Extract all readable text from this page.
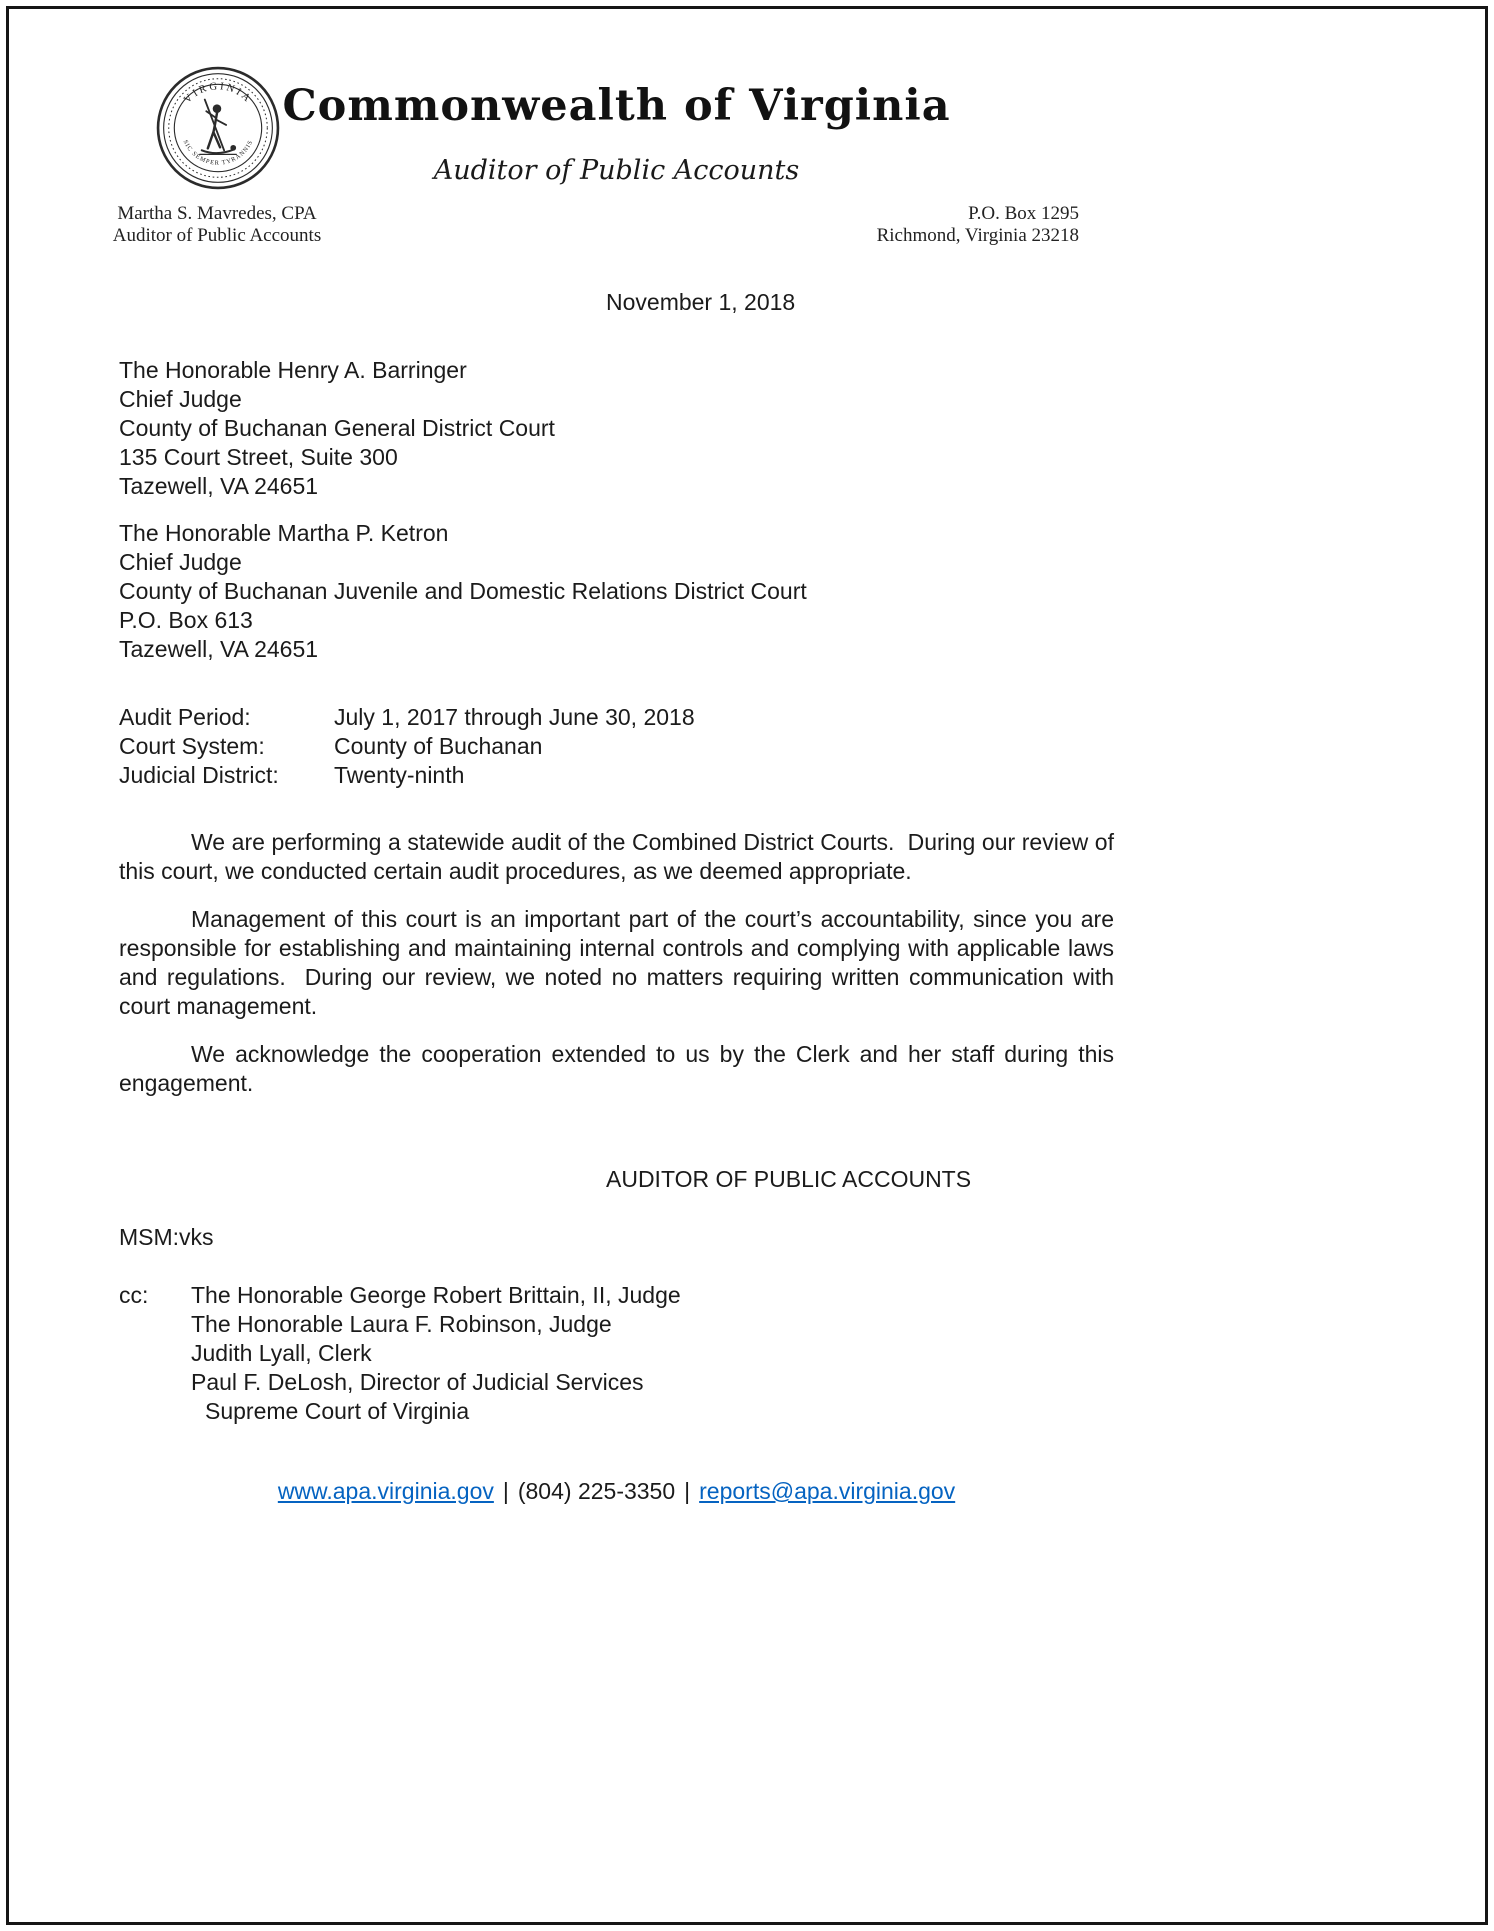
VIRGINIA
SIC SEMPER TYRANNIS
Commonwealth of Virginia
Auditor of Public Accounts
Martha S. Mavredes, CPA
Auditor of Public Accounts
P.O. Box 1295
Richmond, Virginia 23218
November 1, 2018
The Honorable Henry A. Barringer
Chief Judge
County of Buchanan General District Court
135 Court Street, Suite 300
Tazewell, VA 24651
The Honorable Martha P. Ketron
Chief Judge
County of Buchanan Juvenile and Domestic Relations District Court
P.O. Box 613
Tazewell, VA 24651
Audit Period:	July 1, 2017 through June 30, 2018
Court System:	County of Buchanan
Judicial District:	Twenty-ninth

We are performing a statewide audit of the Combined District Courts.  During our review of this court, we conducted certain audit procedures, as we deemed appropriate.

Management of this court is an important part of the court’s accountability, since you are responsible for establishing and maintaining internal controls and complying with applicable laws and regulations.  During our review, we noted no matters requiring written communication with court management.

We acknowledge the cooperation extended to us by the Clerk and her staff during this engagement.

AUDITOR OF PUBLIC ACCOUNTS
MSM:vks
cc:	The Honorable George Robert Brittain, II, Judge
The Honorable Laura F. Robinson, Judge
Judith Lyall, Clerk
Paul F. DeLosh, Director of Judicial Services
Supreme Court of Virginia
www.apa.virginia.gov | (804) 225-3350 | reports@apa.virginia.gov
